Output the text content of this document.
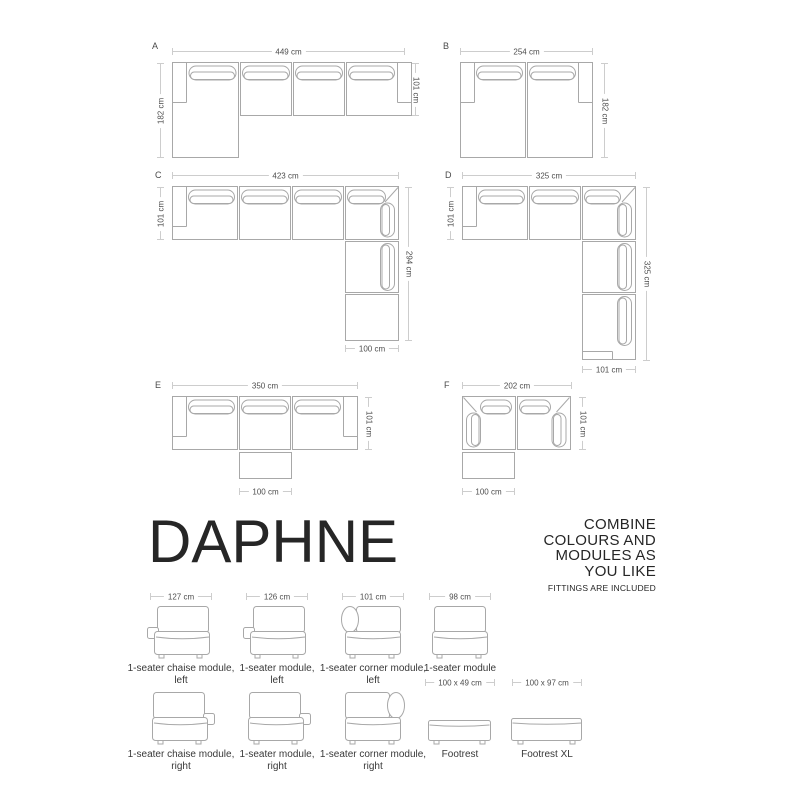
A
449 cm
182 cm
101 cm
B
254 cm
182 cm
C	423 cm
101 cm
294 cm
100 cm
D	325 cm
101 cm
325 cm
101 cm
E	350 cm
101 cm
100 cm
F	202 cm
101 cm
100 cm
DAPHNE	COMBINE
COLOURS AND
MODULES AS
YOU LIKE
FITTINGS ARE INCLUDED
127 cm
1-seater chaise module,
left
126 cm
1-seater module,
left
101 cm
1-seater corner module,
left
98 cm
1-seater module
1-seater chaise module,
right
1-seater module,
right
1-seater corner module,
right
100 x 49 cm
Footrest
100 x 97 cm
Footrest XL
